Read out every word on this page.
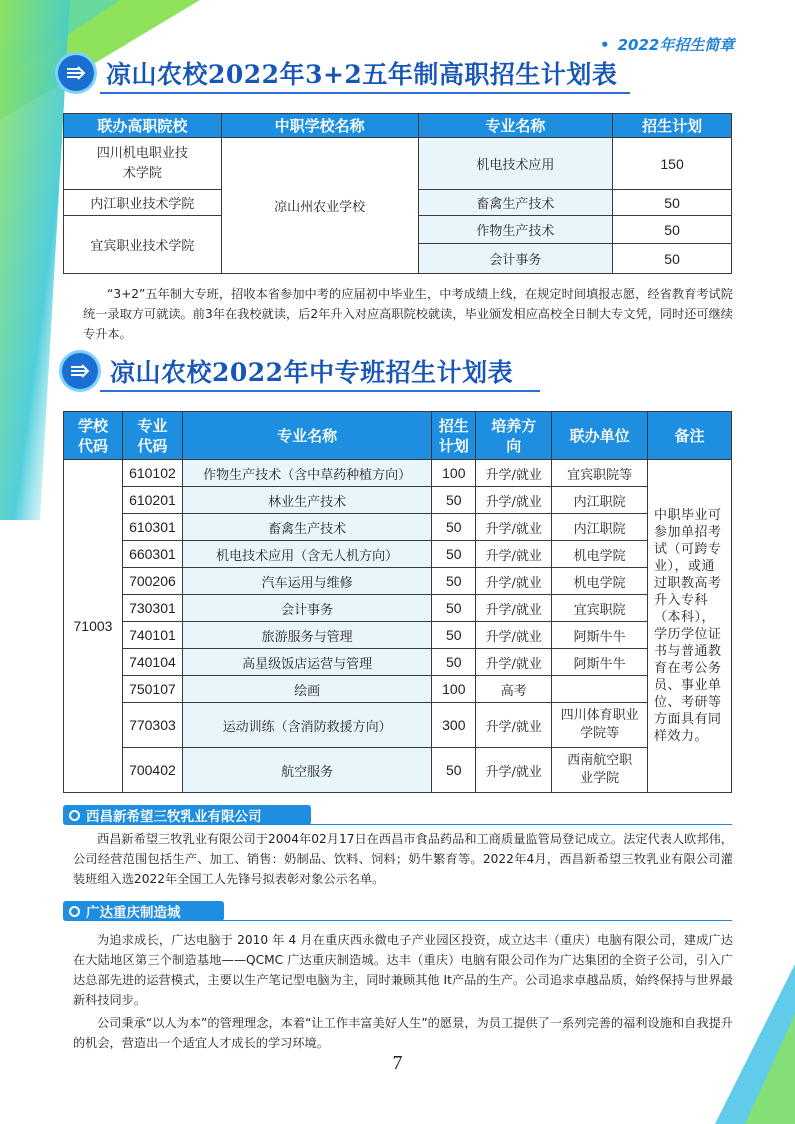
• 2022年招生简章
凉山农校2022年3+2五年制高职招生计划表
联办高职院校	中职学校名称	专业名称	招生计划
四川机电职业技术学院	凉山州农业学校	机电技术应用	150
内江职业技术学院		畜禽生产技术	50
宜宾职业技术学院		作物生产技术	50
		会计事务	50
“3+2”五年制大专班，招收本省参加中考的应届初中毕业生，中考成绩上线，在规定时间填报志愿，经省教育考试院统一录取方可就读。前3年在我校就读，后2年升入对应高职院校就读，毕业颁发相应高校全日制大专文凭，同时还可继续专升本。
凉山农校2022年中专班招生计划表
学校代码	专业代码	专业名称	招生计划	培养方向	联办单位	备注
71003	610102	作物生产技术（含中草药种植方向）	100	升学/就业	宜宾职院等	中职毕业可参加单招考试（可跨专业），或通过职教高考升入专科（本科），学历学位证书与普通教育在考公务员、事业单位、考研等方面具有同样效力。
	610201	林业生产技术	50	升学/就业	内江职院	
	610301	畜禽生产技术	50	升学/就业	内江职院	
	660301	机电技术应用（含无人机方向）	50	升学/就业	机电学院	
	700206	汽车运用与维修	50	升学/就业	机电学院	
	730301	会计事务	50	升学/就业	宜宾职院	
	740101	旅游服务与管理	50	升学/就业	阿斯牛牛	
	740104	高星级饭店运营与管理	50	升学/就业	阿斯牛牛	
	750107	绘画	100	高考		
	770303	运动训练（含消防救援方向）	300	升学/就业	四川体育职业学院等	
	700402	航空服务	50	升学/就业	西南航空职业学院	
西昌新希望三牧乳业有限公司
西昌新希望三牧乳业有限公司于2004年02月17日在西昌市食品药品和工商质量监管局登记成立。法定代表人欧邦伟，公司经营范围包括生产、加工、销售：奶制品、饮料、饲料；奶牛繁育等。2022年4月，西昌新希望三牧乳业有限公司灌装班组入选2022年全国工人先锋号拟表彰对象公示名单。
广达重庆制造城
为追求成长，广达电脑于 2010 年 4 月在重庆西永微电子产业园区投资，成立达丰（重庆）电脑有限公司，建成广达在大陆地区第三个制造基地——QCMC 广达重庆制造城。达丰（重庆）电脑有限公司作为广达集团的全资子公司，引入广达总部先进的运营模式，主要以生产笔记型电脑为主，同时兼顾其他 It产品的生产。公司追求卓越品质，始终保持与世界最新科技同步。
公司秉承“以人为本”的管理理念，本着“让工作丰富美好人生”的愿景，为员工提供了一系列完善的福利设施和自我提升的机会，营造出一个适宜人才成长的学习环境。
7
